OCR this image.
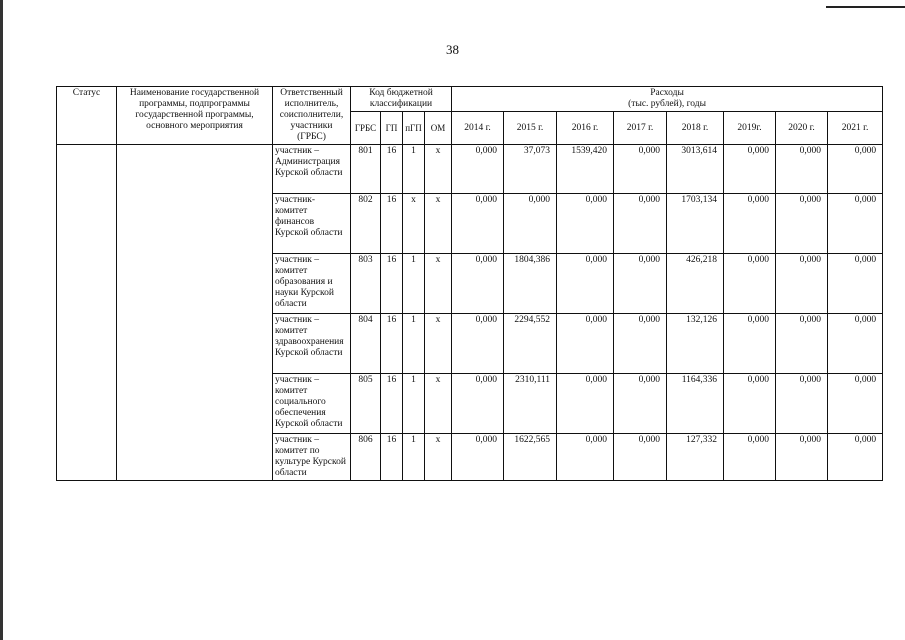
38
Статус	Наименование государственной программы, подпрограммы государственной программы, основного мероприятия	Ответственный исполнитель, соисполнители, участники (ГРБС)	Код бюджетной классификации				Расходы
(тыс. рублей), годы							
			ГРБС	ГП	пГП	ОМ	2014 г.	2015 г.	2016 г.	2017 г.	2018 г.	2019г.	2020 г.	2021 г.
		участник – Администрация Курской области	801	16	1	х	0,000	37,073	1539,420	0,000	3013,614	0,000	0,000	0,000
		участник- комитет финансов Курской области	802	16	х	х	0,000	0,000	0,000	0,000	1703,134	0,000	0,000	0,000
		участник – комитет образования и науки Курской области	803	16	1	х	0,000	1804,386	0,000	0,000	426,218	0,000	0,000	0,000
		участник – комитет здравоохранения Курской области	804	16	1	х	0,000	2294,552	0,000	0,000	132,126	0,000	0,000	0,000
		участник – комитет социального обеспечения Курской области	805	16	1	х	0,000	2310,111	0,000	0,000	1164,336	0,000	0,000	0,000
		участник – комитет по культуре Курской области	806	16	1	х	0,000	1622,565	0,000	0,000	127,332	0,000	0,000	0,000
